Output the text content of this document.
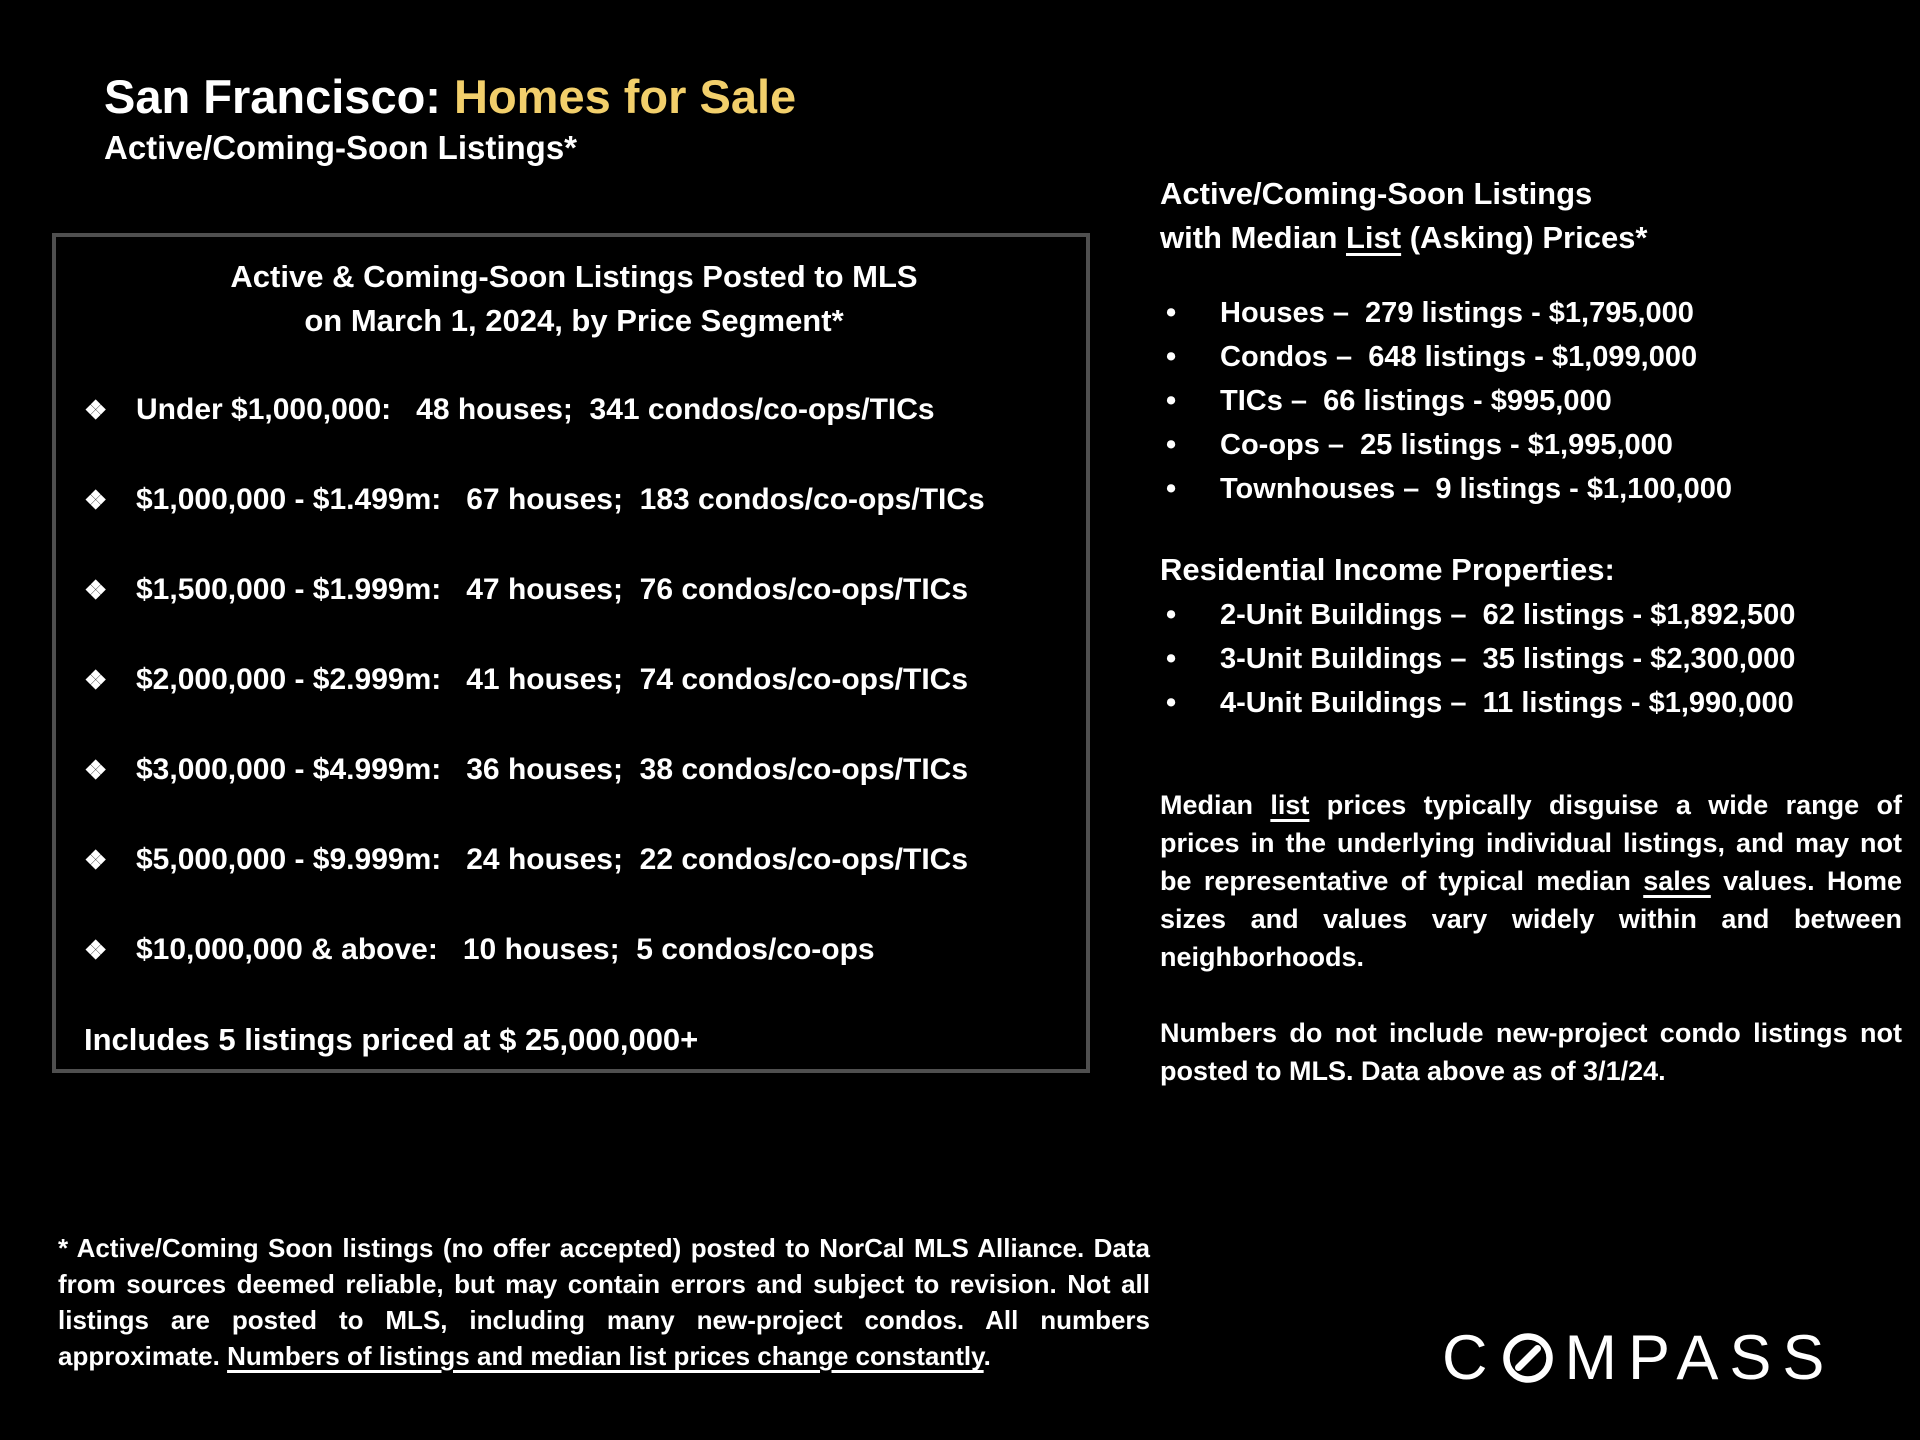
San Francisco: Homes for Sale
Active/Coming-Soon Listings*
Active & Coming-Soon Listings Posted to MLS
on March 1, 2024, by Price Segment*
❖ Under $1,000,000:   48 houses;  341 condos/co-ops/TICs
❖ $1,000,000 - $1.499m:   67 houses;  183 condos/co-ops/TICs
❖ $1,500,000 - $1.999m:   47 houses;  76 condos/co-ops/TICs
❖ $2,000,000 - $2.999m:   41 houses;  74 condos/co-ops/TICs
❖ $3,000,000 - $4.999m:   36 houses;  38 condos/co-ops/TICs
❖ $5,000,000 - $9.999m:   24 houses;  22 condos/co-ops/TICs
❖ $10,000,000 & above:   10 houses;  5 condos/co-ops
Includes 5 listings priced at $ 25,000,000+
Active/Coming-Soon Listings
with Median List (Asking) Prices*
•	Houses –  279 listings - $1,795,000
•	Condos –  648 listings - $1,099,000
•	TICs –  66 listings - $995,000
•	Co-ops –  25 listings - $1,995,000
•	Townhouses –  9 listings - $1,100,000
Residential Income Properties:
•	2-Unit Buildings –  62 listings - $1,892,500
•	3-Unit Buildings –  35 listings - $2,300,000
•	4-Unit Buildings –  11 listings - $1,990,000

Median list prices typically disguise a wide range of prices in the underlying individual listings, and may not be representative of typical median sales values. Home sizes and values vary widely within and between neighborhoods.

Numbers do not include new-project condo listings not posted to MLS. Data above as of 3/1/24.

* Active/Coming Soon listings (no offer accepted) posted to NorCal MLS Alliance. Data from sources deemed reliable, but may contain errors and subject to revision. Not all listings are posted to MLS, including many new-project condos. All numbers approximate. Numbers of listings and median list prices change constantly.	C MPASS
